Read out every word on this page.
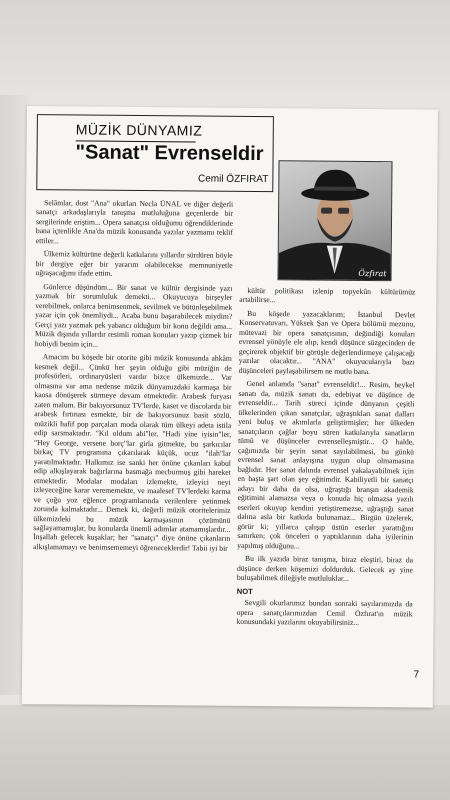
MÜZİK DÜNYAMIZ
"Sanat" Evrenseldir
Cemil ÖZFIRAT
Özfırat

Selâmlar, dost "Ana" okurları Necla ÜNAL ve diğer değerli sanatçı arkadaşlarıyla tanışma mutluluğuna geçenlerde bir sergilerinde eriştim... Opera sanatçısı olduğumu öğrendiklerinde bana içtenlikle Ana'da müzik konusunda yazılar yazmamı teklif ettiler...

Ülkemiz kültürüne değerli katkılarını yıllardır sürdüren böyle bir dergiye eğer bir yararım olabilecekse memnuniyetle uğraşacağımı ifade ettim.

Günlerce düşündüm... Bir sanat ve kültür dergisinde yazı yazmak bir sorumluluk demekti... Okuyucuya birşeyler verebilmek, onlarca benimsenmek, sevilmek ve bütünleşebilmek yazar için çok önemliydi... Acaba bunu başarabilecek miydim? Gerçi yazı yazmak pek yabancı olduğum bir konu değildi ama... Müzik dışında yıllardır resimli roman konuları yazıp çizmek bir hobiydi benim için...

Amacım bu köşede bir otorite gibi müzik konusunda ahkâm kesmek değil... Çünkü her şeyin olduğu gibi müziğin de profesörleri, ordinaryüsleri vardır bizce ülkemizde... Var olmasına var ama nedense müzik dünyamızdaki karmaşa bir kaosa dönüşerek sürmeye devam etmektedir. Arabesk furyası zaten malum. Bir bakıyorsunuz TV'lerde, kaset ve discolarda bir arabesk fırtınası esmekte, bir de bakıyorsunuz basit sözlü, müzikli hafif pop parçaları moda olarak tüm ülkeyi adeta istila edip sarsmaktadır. "Kıl oldum abi"ler, "Hadi yine iyisin"ler, "Hey George, versene borç"lar girla gitmekte, bu şarkıcılar birkaç TV programına çıkarılarak küçük, ucuz "ilah"lar yaratılmaktadır. Halkımız ise sanki her önüne çıkanları kabul edip alkışlayarak bağırlarına basmağa mecburmuş gibi hareket etmektedir. Modalar modaları izlemekte, izleyici neyi izleyeceğine karar verememekte, ve maalesef TV'lerdeki karma ve çoğu yoz eğlence programlarında verilenlere yetinmek zorunda kalmaktadır... Demek ki, değerli müzik otoritelerimiz ülkemizdeki bu müzik karmaşasının çözümünü sağlayamamışlar, bu konularda önemli adımlar atamamışlardır... İnşallah gelecek kuşaklar; her "sanatçı" diye önüne çıkanların alkışlamamayı ve benimsememeyi öğreneceklerdir! Tabii iyi bir

kültür politikası izlenip topyekûn kültürümüz artabilirse...

Bu köşede yazacaklarım; İstanbul Devlet Konservatuvarı, Yüksek Şan ve Opera bölümü mezunu, mütevazi bir opera sanatçısının, değindiği konuları evrensel yönüyle ele alıp, kendi düşünce süzgecinden de geçirerek objektif bir görüşle değerlendirmeye çalışacağı yazılar olacaktır... "ANA" okuyucularıyla bazı düşünceleri paylaşabilirsem ne mutlu bana.

Genel anlamda "sanat" evrenseldir!... Resim, heykel sanatı da, müzik sanatı da, edebiyat ve düşünce de evrenseldir... Tarih süreci içinde dünyanın çeşitli ülkelerinden çıkan sanatçılar, uğraştıkları sanat dalları yeni buluş ve akımlarla geliştirmişler; her ülkeden sanatçıların çağlar boyu süren katkılarıyla sanatların tümü ve düşünceler evrenselleşmiştir... O halde, çağımızda bir şeyin sanat sayılabilmesi, bu günkü evrensel sanat anlayışına uygun olup olmamasına bağlıdır. Her sanat dalında evrensel yakalayabilmek için en başta şart olan şey eğitimdir. Kabiliyetli bir sanatçı adayı bir daha da olsa, uğraştığı branşın akademik eğitimini alamazsa veya o konuda hiç olmazsa yazılı eserleri okuyup kendini yetiştiremezse, uğraştığı sanat dalına asla bir katkıda bulunamaz... Birgün üzelerek, görür ki; yıllarca çalışıp üstün eserler yarattığını sanırken; çok önceleri o yaptıklarının daha iyilerinin yapılmış olduğunu...

Bu ilk yazıda biraz tanışma, biraz eleştiri, biraz da düşünce derken köşemizi doldurduk. Gelecek ay yine buluşabilmek dileğiyle mutluluklar...

NOT

Sevgili okurlarımız bundan sonraki sayılarımızda da opera sanatçılarımızdan Cemil Özfırat'ın müzik konusundaki yazılarını okuyabilirsiniz...

7
